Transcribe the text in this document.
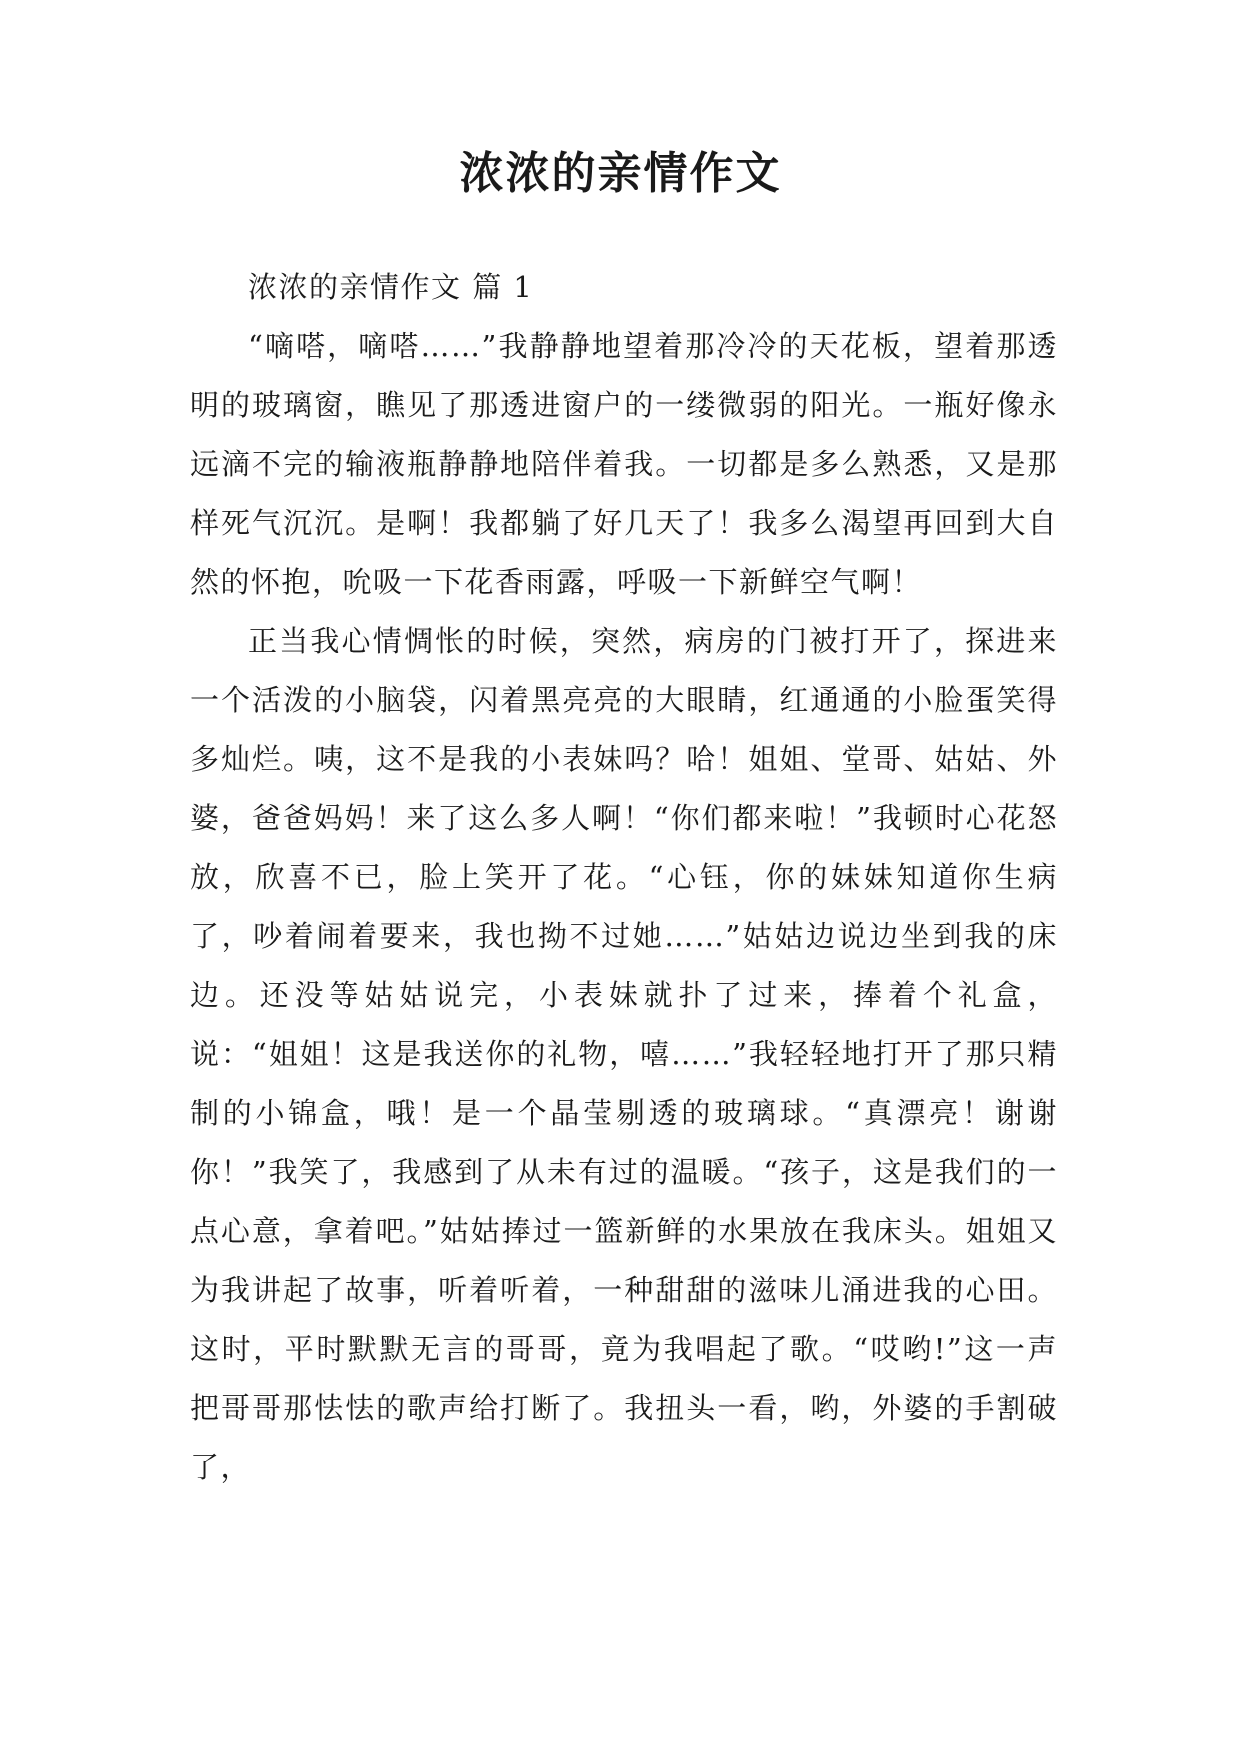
浓浓的亲情作文

浓浓的亲情作文 篇 1

“嘀嗒，嘀嗒……”我静静地望着那冷冷的天花板，望着那透明的玻璃窗，瞧见了那透进窗户的一缕微弱的阳光。一瓶好像永远滴不完的输液瓶静静地陪伴着我。一切都是多么熟悉，又是那样死气沉沉。是啊！我都躺了好几天了！我多么渴望再回到大自然的怀抱，吮吸一下花香雨露，呼吸一下新鲜空气啊！

正当我心情惆怅的时候，突然，病房的门被打开了，探进来一个活泼的小脑袋，闪着黑亮亮的大眼睛，红通通的小脸蛋笑得多灿烂。咦，这不是我的小表妹吗？哈！姐姐、堂哥、姑姑、外婆，爸爸妈妈！来了这么多人啊！“你们都来啦！”我顿时心花怒放，欣喜不已，脸上笑开了花。“心钰，你的妹妹知道你生病了，吵着闹着要来，我也拗不过她……”姑姑边说边坐到我的床边。还没等姑姑说完，小表妹就扑了过来，捧着个礼盒，说：“姐姐！这是我送你的礼物，嘻……”我轻轻地打开了那只精制的小锦盒，哦！是一个晶莹剔透的玻璃球。“真漂亮！谢谢你！”我笑了，我感到了从未有过的温暖。“孩子，这是我们的一点心意，拿着吧。”姑姑捧过一篮新鲜的水果放在我床头。姐姐又为我讲起了故事，听着听着，一种甜甜的滋味儿涌进我的心田。这时，平时默默无言的哥哥，竟为我唱起了歌。“哎哟!”这一声把哥哥那怯怯的歌声给打断了。我扭头一看，哟，外婆的手割破了，
